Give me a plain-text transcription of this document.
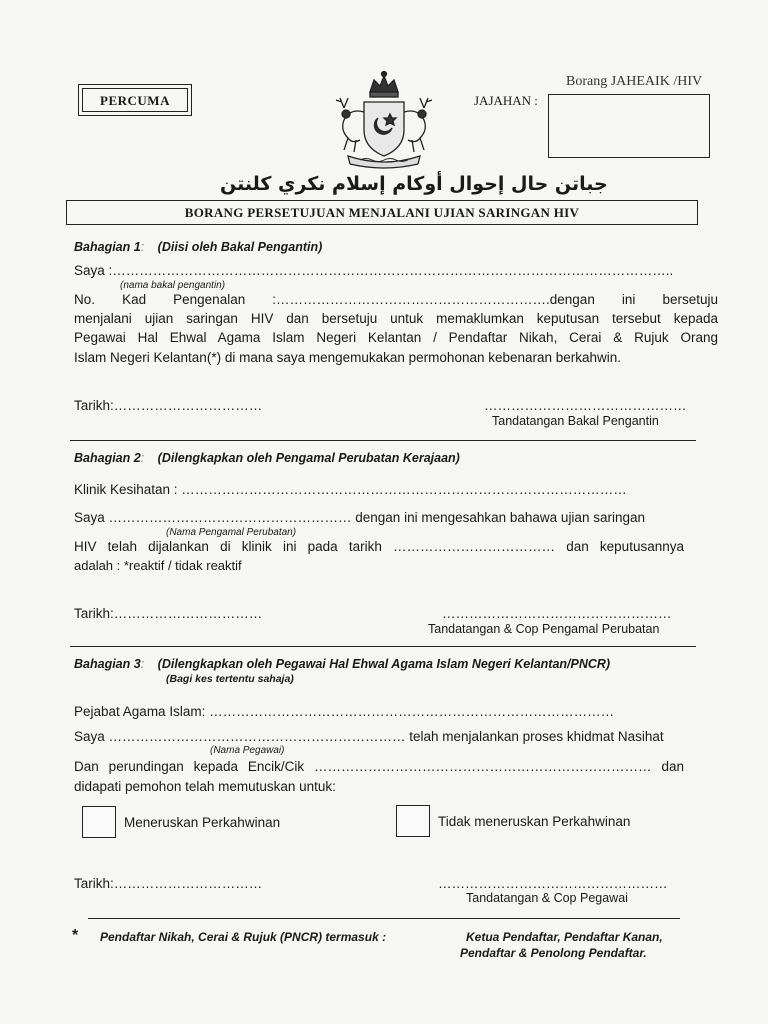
PERCUMA
Borang JAHEAIK /HIV
JAJAHAN :
جباتن حال إحوال أوكام إسلام نكري كلنتن
BORANG PERSETUJUAN MENJALANI UJIAN SARINGAN HIV
Bahagian 1: (Diisi oleh Bakal Pengantin)
Saya :……………………………………………………………………………………………………………..
(nama bakal pengantin)
No. Kad Pengenalan :…………………………………………………….dengan ini bersetuju
menjalani ujian saringan HIV dan bersetuju untuk memaklumkan keputusan tersebut kepada
Pegawai Hal Ehwal Agama Islam Negeri Kelantan / Pendaftar Nikah, Cerai & Rujuk Orang
Islam Negeri Kelantan(*) di mana saya mengemukakan permohonan kebenaran berkahwin.
Tarikh:……………………………	………………………………………
Tandatangan Bakal Pengantin
Bahagian 2: (Dilengkapkan oleh Pengamal Perubatan Kerajaan)
Klinik Kesihatan : ………………………………………………………………………………………
Saya ……………………………………………… dengan ini mengesahkan bahawa ujian saringan
(Nama Pengamal Perubatan)
HIV telah dijalankan di klinik ini pada tarikh ……………………………… dan keputusannya
adalah : *reaktif / tidak reaktif
Tarikh:……………………………	……………………………………………
Tandatangan & Cop Pengamal Perubatan
Bahagian 3: (Dilengkapkan oleh Pegawai Hal Ehwal Agama Islam Negeri Kelantan/PNCR)
(Bagi kes tertentu sahaja)
Pejabat Agama Islam: ………………………………………………………………………………
Saya ………………………………………………………… telah menjalankan proses khidmat Nasihat
(Nama Pegawai)
Dan perundingan kepada Encik/Cik ………………………………………………………………… dan
didapati pemohon telah memutuskan untuk:
Meneruskan Perkahwinan	Tidak meneruskan Perkahwinan
Tarikh:……………………………	……………………………………………
Tandatangan & Cop Pegawai
* Pendaftar Nikah, Cerai & Rujuk (PNCR) termasuk :	Ketua Pendaftar, Pendaftar Kanan,
Pendaftar & Penolong Pendaftar.
